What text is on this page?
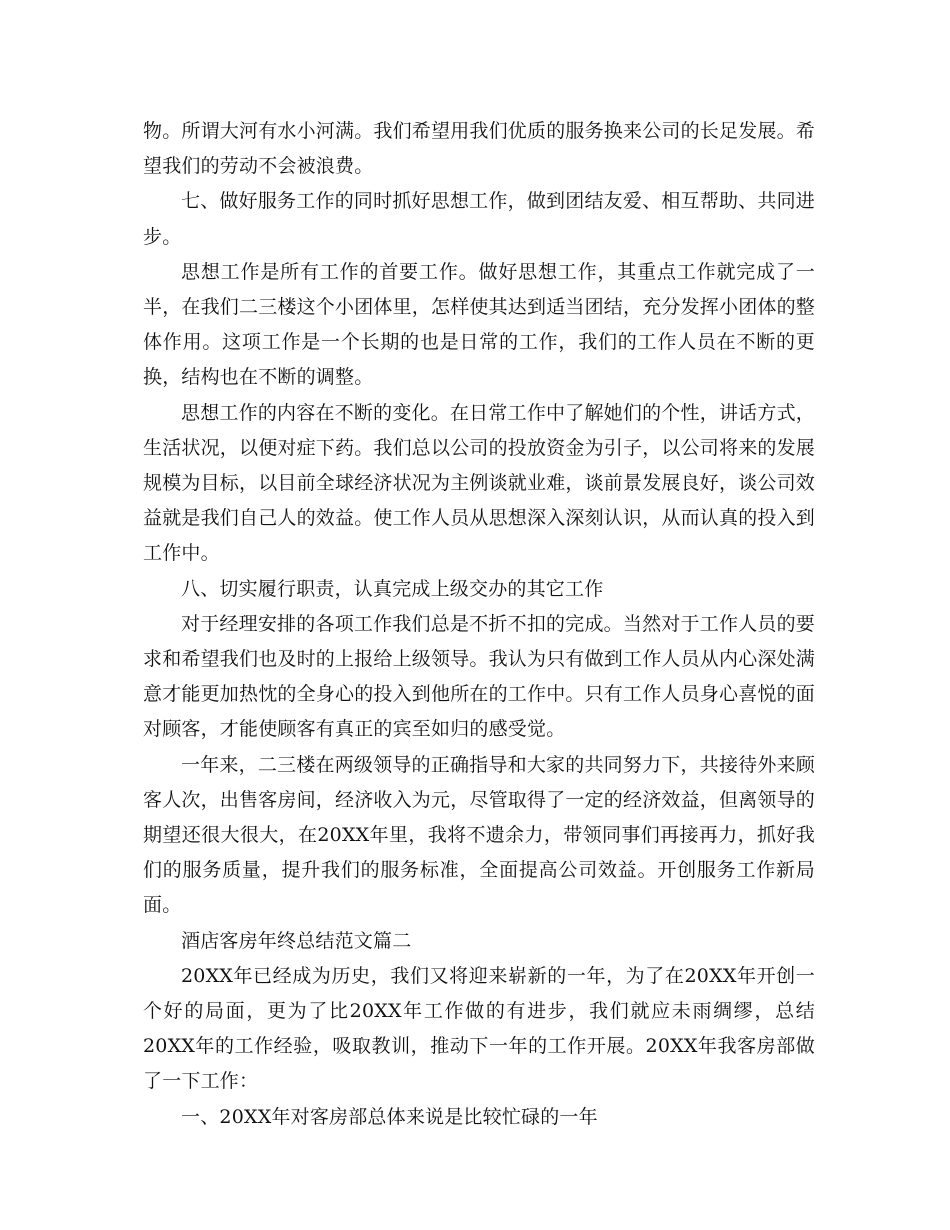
物。所谓大河有水小河满。我们希望用我们优质的服务换来公司的长足发展。希望我们的劳动不会被浪费。

七、做好服务工作的同时抓好思想工作，做到团结友爱、相互帮助、共同进步。

思想工作是所有工作的首要工作。做好思想工作，其重点工作就完成了一半，在我们二三楼这个小团体里，怎样使其达到适当团结，充分发挥小团体的整体作用。这项工作是一个长期的也是日常的工作，我们的工作人员在不断的更换，结构也在不断的调整。

思想工作的内容在不断的变化。在日常工作中了解她们的个性，讲话方式，生活状况，以便对症下药。我们总以公司的投放资金为引子，以公司将来的发展规模为目标，以目前全球经济状况为主例谈就业难，谈前景发展良好，谈公司效益就是我们自己人的效益。使工作人员从思想深入深刻认识，从而认真的投入到工作中。

八、切实履行职责，认真完成上级交办的其它工作

对于经理安排的各项工作我们总是不折不扣的完成。当然对于工作人员的要求和希望我们也及时的上报给上级领导。我认为只有做到工作人员从内心深处满意才能更加热忱的全身心的投入到他所在的工作中。只有工作人员身心喜悦的面对顾客，才能使顾客有真正的宾至如归的感受觉。

一年来，二三楼在两级领导的正确指导和大家的共同努力下，共接待外来顾客人次，出售客房间，经济收入为元，尽管取得了一定的经济效益，但离领导的期望还很大很大，在20XX年里，我将不遗余力，带领同事们再接再力，抓好我们的服务质量，提升我们的服务标准，全面提高公司效益。开创服务工作新局面。

酒店客房年终总结范文篇二

20XX年已经成为历史，我们又将迎来崭新的一年，为了在20XX年开创一个好的局面，更为了比20XX年工作做的有进步，我们就应未雨绸缪，总结20XX年的工作经验，吸取教训，推动下一年的工作开展。20XX年我客房部做了一下工作：

一、20XX年对客房部总体来说是比较忙碌的一年
